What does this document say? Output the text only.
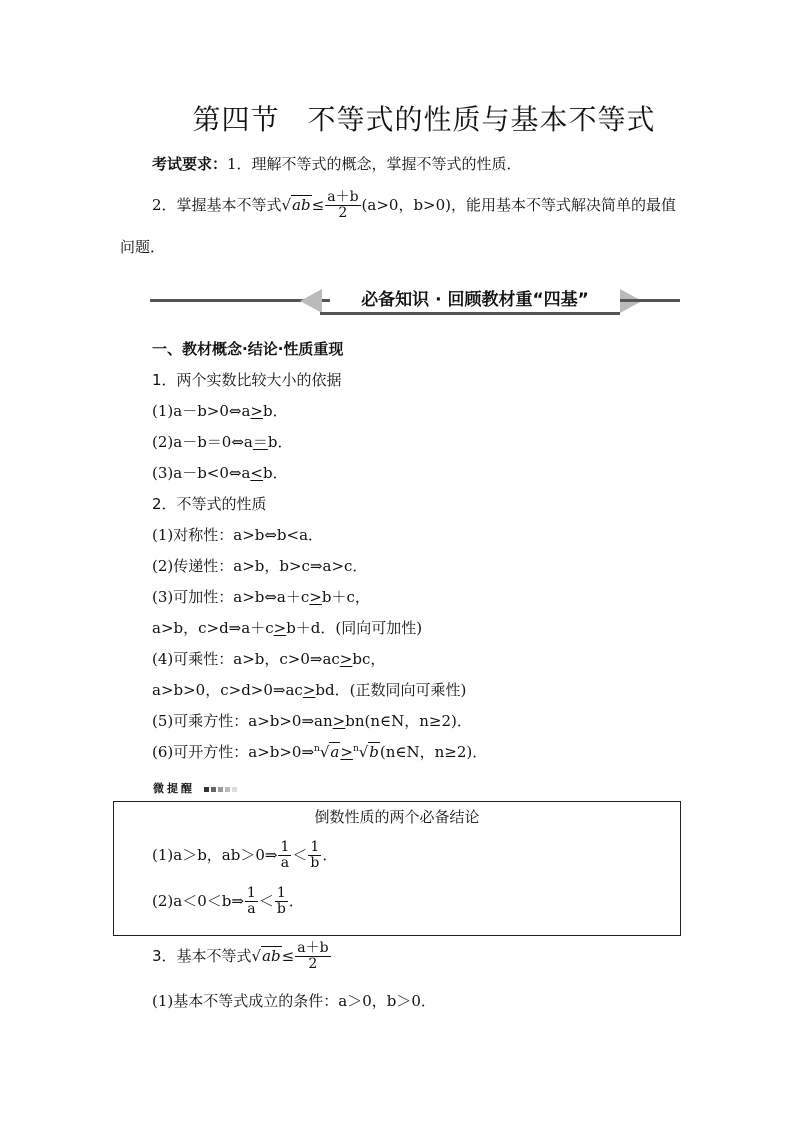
第四节 不等式的性质与基本不等式
考试要求：1．理解不等式的概念，掌握不等式的性质．
2．掌握基本不等式$√ab\le \frac{a+b}{2} (a>0$，b>0)，能用基本不等式解决简单的最值
问题．
必备知识 · 回顾教材重“四基”
一、教材概念·结论·性质重现
1．两个实数比较大小的依据
(1)a－b>0⇔a>b．
(2)a－b＝0⇔a＝b．
(3)a－b<0⇔a<b．
2．不等式的性质
(1)对称性：a>b⇔b<a．
(2)传递性：a>b，b>c⇒a>c．
(3)可加性：a>b⇔a＋c>b＋c，
a>b，c>d⇒a＋c>b＋d．(同向可加性)
(4)可乘性：a>b，c>0⇒ac>bc，
a>b>0，c>d>0⇒ac>bd．(正数同向可乘性)
(5)可乘方性：a>b>0⇒an>bn(n∈N，n≥2)．
(6)可开方性：a>b>0⇒$^n$√a>$^n$√b(n∈N，n≥2)．
微提醒
倒数性质的两个必备结论
(1)a＞b，ab＞0⇒ $\frac{1}{a} < \frac{1}{b}$ ．
(2)a＜0＜b⇒ $\frac{1}{a} < \frac{1}{b}$ ．
3．基本不等式$√ab\le \frac{a+b}{2}$
(1)基本不等式成立的条件：a＞0，b＞0．
